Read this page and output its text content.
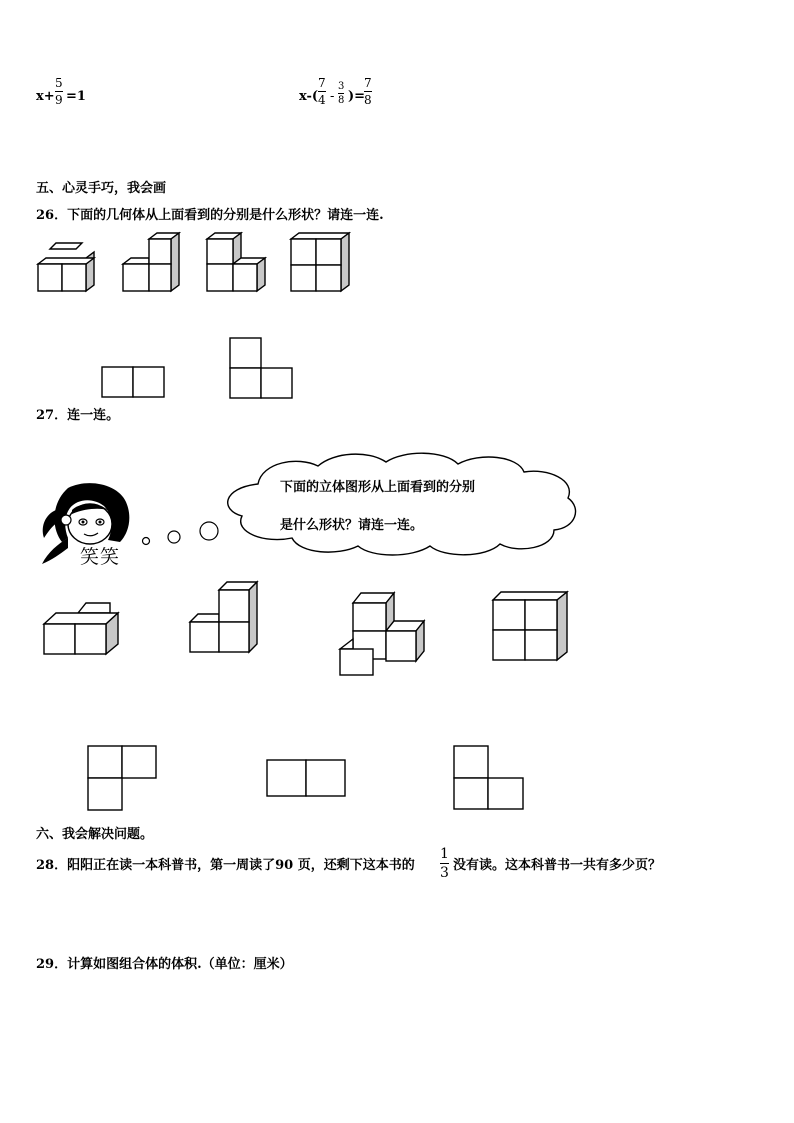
x+
5
9 =1	x-(
7
4 -
3
8 )=
7
8
五、心灵手巧，我会画
26．下面的几何体从上面看到的分别是什么形状？请连一连.
27．连一连。
笑笑
下面的立体图形从上面看到的分别
是什么形状？请连一连。
六、我会解决问题。
28．阳阳正在读一本科普书，第一周读了90 页，还剩下这本书的
1
3 没有读。这本科普书一共有多少页？
29．计算如图组合体的体积.（单位：厘米）
